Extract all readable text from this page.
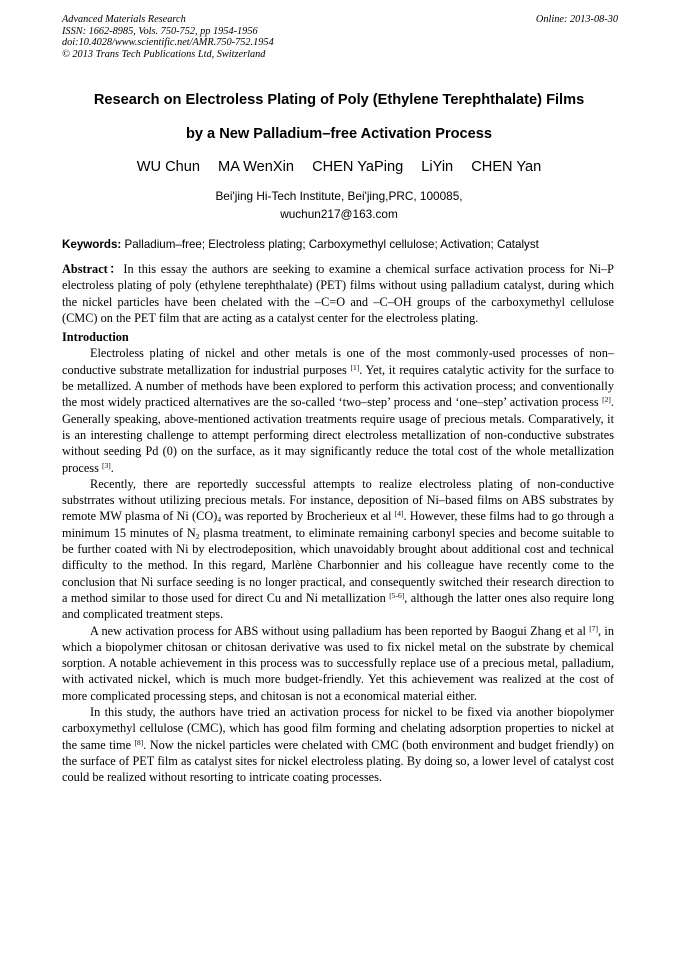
Advanced Materials Research
ISSN: 1662-8985, Vols. 750-752, pp 1954-1956
doi:10.4028/www.scientific.net/AMR.750-752.1954
© 2013 Trans Tech Publications Ltd, Switzerland
Online: 2013-08-30
Research on Electroless Plating of Poly (Ethylene Terephthalate) Films
by a New Palladium–free Activation Process
WU Chun MA WenXin CHEN YaPing LiYin CHEN Yan
Bei'jing Hi-Tech Institute, Bei'jing,PRC, 100085,
wuchun217@163.com
Keywords: Palladium–free; Electroless plating; Carboxymethyl cellulose; Activation; Catalyst

Abstract：In this essay the authors are seeking to examine a chemical surface activation process for Ni–P electroless plating of poly (ethylene terephthalate) (PET) films without using palladium catalyst, during which the nickel particles have been chelated with the –C=O and –C–OH groups of the carboxymethyl cellulose (CMC) on the PET film that are acting as a catalyst center for the electroless plating.

Introduction

Electroless plating of nickel and other metals is one of the most commonly-used processes of non–conductive substrate metallization for industrial purposes [1]. Yet, it requires catalytic activity for the surface to be metallized. A number of methods have been explored to perform this activation process; and conventionally the most widely practiced alternatives are the so-called ‘two–step’ process and ‘one–step’ activation process [2]. Generally speaking, above-mentioned activation treatments require usage of precious metals. Comparatively, it is an interesting challenge to attempt performing direct electroless metallization of non-conductive substrates without seeding Pd (0) on the surface, as it may significantly reduce the total cost of the whole metallization process [3].

Recently, there are reportedly successful attempts to realize electroless plating of non-conductive substrrates without utilizing precious metals. For instance, deposition of Ni–based films on ABS substrates by remote MW plasma of Ni $(CO)_4$ was reported by Brocherieux et al [4]. However, these films had to go through a minimum 15 minutes of $N_2$ plasma treatment, to eliminate remaining carbonyl species and become suitable to be further coated with Ni by electrodeposition, which unavoidably brought about additional cost and technical difficulty to the method. In this regard, Marlène Charbonnier and his colleague have recently come to the conclusion that Ni surface seeding is no longer practical, and consequently switched their research direction to a method similar to those used for direct Cu and Ni metallization [5-6], although the latter ones also require long and complicated treatment steps.

A new activation process for ABS without using palladium has been reported by Baogui Zhang et al [7], in which a biopolymer chitosan or chitosan derivative was used to fix nickel metal on the substrate by chemical sorption. A notable achievement in this process was to successfully replace use of a precious metal, palladium, with activated nickel, which is much more budget-friendly. Yet this achievement was realized at the cost of more complicated processing steps, and chitosan is not a economical material either.

In this study, the authors have tried an activation process for nickel to be fixed via another biopolymer carboxymethyl cellulose (CMC), which has good film forming and chelating adsorption properties to nickel at the same time [8]. Now the nickel particles were chelated with CMC (both environment and budget friendly) on the surface of PET film as catalyst sites for nickel electroless plating. By doing so, a lower level of catalyst cost could be realized without resorting to intricate coating processes.
